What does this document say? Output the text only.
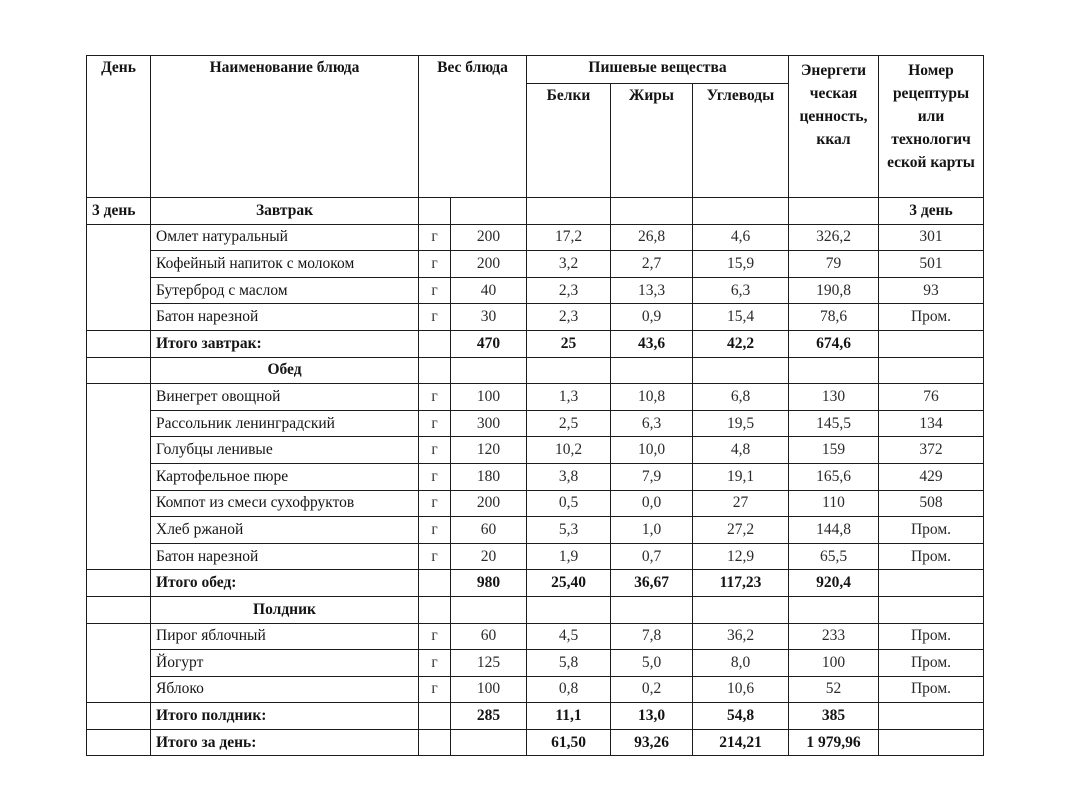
День	Наименование блюда	Вес блюда		Пишевые вещества			Энергети ческая ценность, ккал	Номер рецептуры или технологич еской карты
				Белки	Жиры	Углеводы		
3 день	Завтрак							3 день
	Омлет натуральный	г	200	17,2	26,8	4,6	326,2	301
	Кофейный напиток с молоком	г	200	3,2	2,7	15,9	79	501
	Бутерброд с маслом	г	40	2,3	13,3	6,3	190,8	93
	Батон нарезной	г	30	2,3	0,9	15,4	78,6	Пром.
	Итого завтрак:		470	25	43,6	42,2	674,6	
	Обед							
	Винегрет овощной	г	100	1,3	10,8	6,8	130	76
	Рассольник ленинградский	г	300	2,5	6,3	19,5	145,5	134
	Голубцы ленивые	г	120	10,2	10,0	4,8	159	372
	Картофельное пюре	г	180	3,8	7,9	19,1	165,6	429
	Компот из смеси сухофруктов	г	200	0,5	0,0	27	110	508
	Хлеб ржаной	г	60	5,3	1,0	27,2	144,8	Пром.
	Батон нарезной	г	20	1,9	0,7	12,9	65,5	Пром.
	Итого обед:		980	25,40	36,67	117,23	920,4	
	Полдник							
	Пирог яблочный	г	60	4,5	7,8	36,2	233	Пром.
	Йогурт	г	125	5,8	5,0	8,0	100	Пром.
	Яблоко	г	100	0,8	0,2	10,6	52	Пром.
	Итого полдник:		285	11,1	13,0	54,8	385	
	Итого за день:			61,50	93,26	214,21	1 979,96	
